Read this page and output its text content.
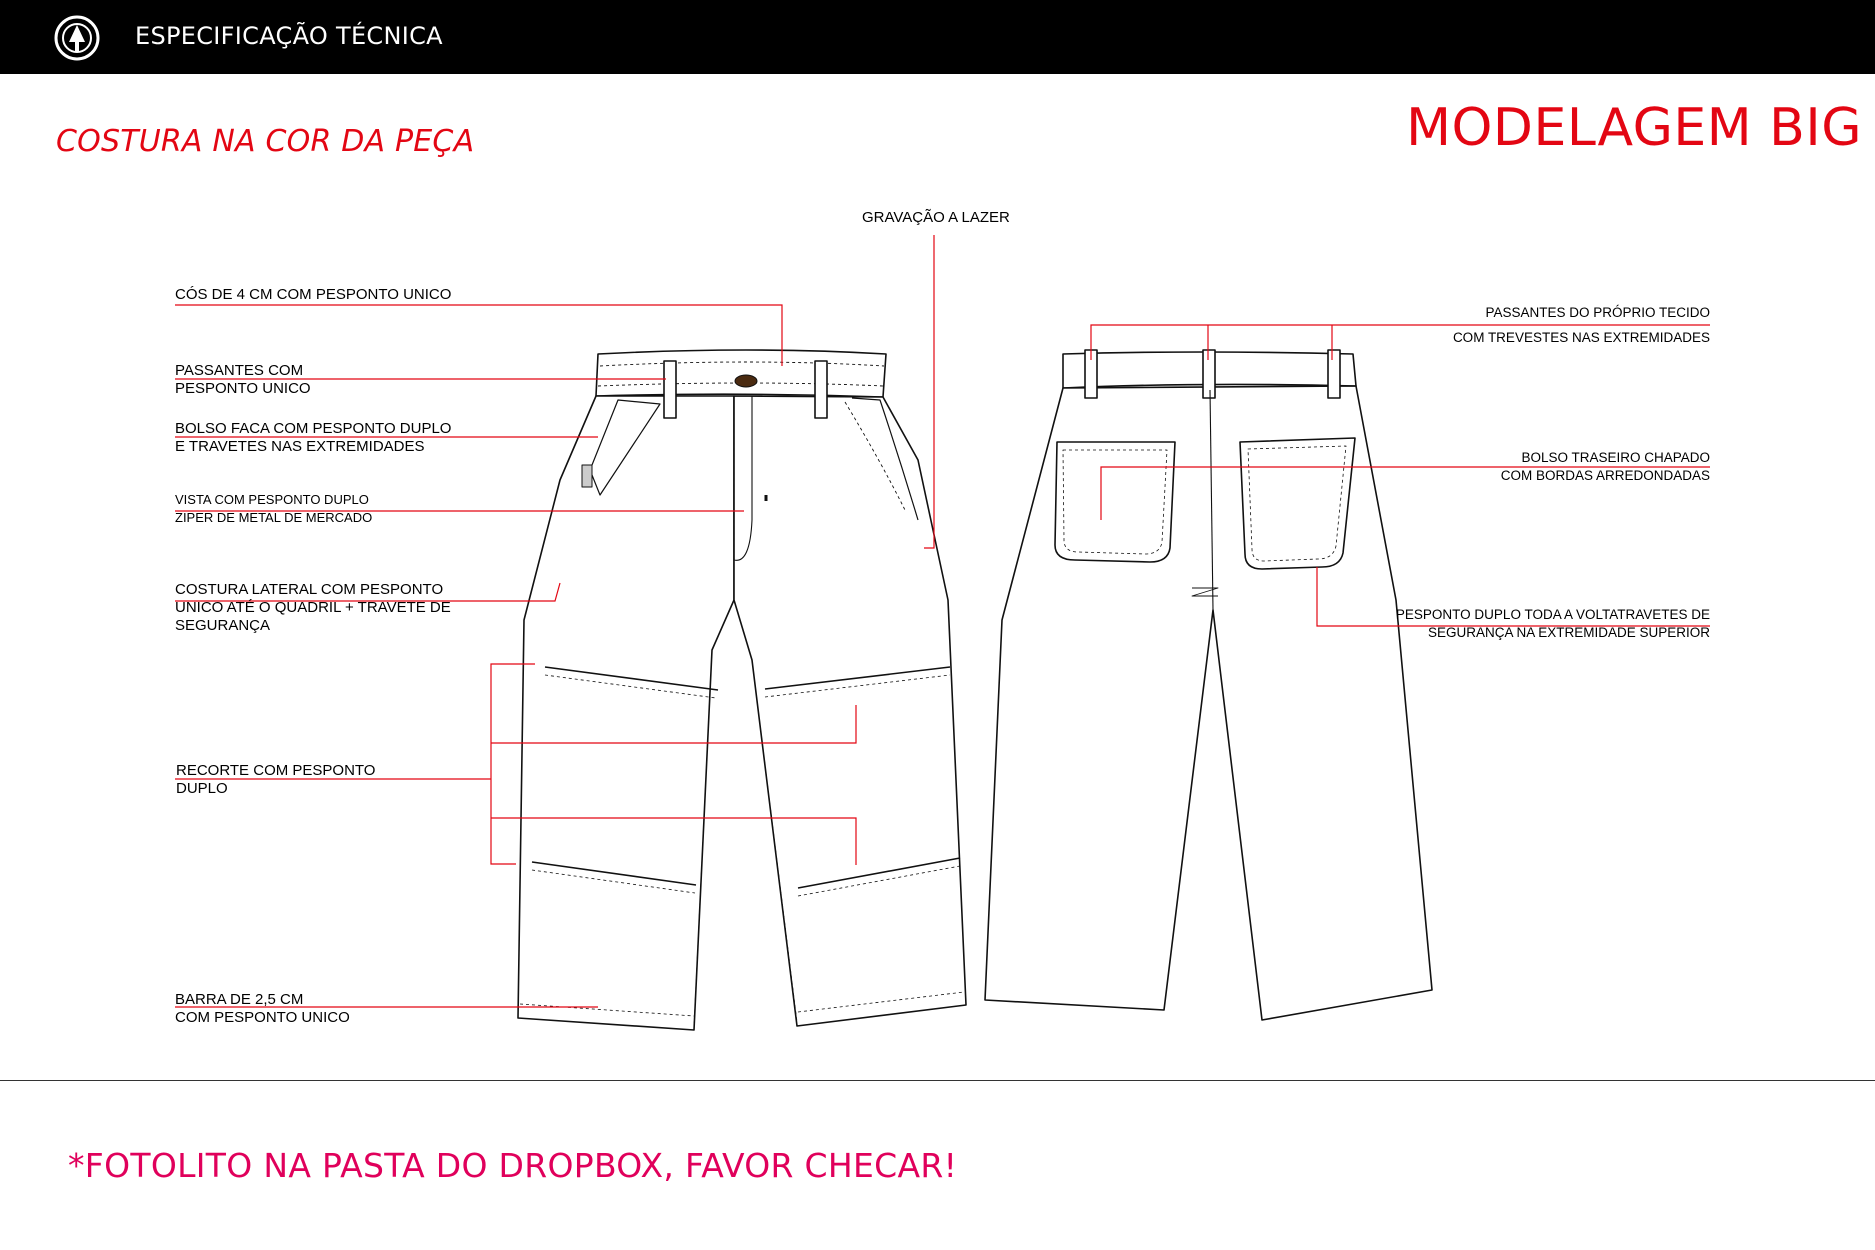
ESPECIFICAÇÃO TÉCNICA
COSTURA NA COR DA PEÇA	MODELAGEM BIG
CÓS DE 4 CM COM PESPONTO UNICO
PASSANTES COM
PESPONTO UNICO
BOLSO FACA COM PESPONTO DUPLO
E TRAVETES NAS EXTREMIDADES
VISTA COM PESPONTO DUPLO
ZIPER DE METAL DE MERCADO
COSTURA LATERAL COM PESPONTO
UNICO ATÉ O QUADRIL + TRAVETE DE
SEGURANÇA
RECORTE COM PESPONTO
DUPLO
BARRA DE 2,5 CM
COM PESPONTO UNICO
GRAVAÇÃO A LAZER
PASSANTES DO PRÓPRIO TECIDO
COM TREVESTES NAS EXTREMIDADES
BOLSO TRASEIRO CHAPADO
COM BORDAS ARREDONDADAS
PESPONTO DUPLO TODA A VOLTATRAVETES DE
SEGURANÇA NA EXTREMIDADE SUPERIOR
*FOTOLITO NA PASTA DO DROPBOX, FAVOR CHECAR!
